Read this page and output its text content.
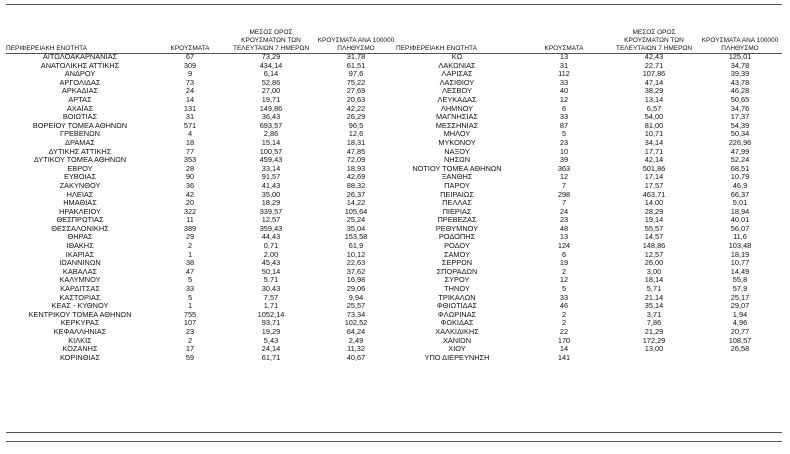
ΠΕΡΙΦΕΡΕΙΑΚΗ ΕΝΟΤΗΤΑ	ΚΡΟΥΣΜΑΤΑ	ΜΕΣΟΣ ΟΡΟΣ
ΚΡΟΥΣΜΑΤΩΝ ΤΩΝ
ΤΕΛΕΥΤΑΙΩΝ 7 ΗΜΕΡΩΝ	ΚΡΟΥΣΜΑΤΑ ΑΝΑ 100000
ΠΛΗΘΥΣΜΟ

ΑΙΤΩΛΟΑΚΑΡΝΑΝΙΑΣ	67	73,29	31,78
ΑΝΑΤΟΛΙΚΗΣ ΑΤΤΙΚΗΣ	309	434,14	61,51
ΑΝΔΡΟΥ	9	6,14	97,6
ΑΡΓΟΛΙΔΑΣ	73	52,86	75,22
ΑΡΚΑΔΙΑΣ	24	27,00	27,69
ΑΡΤΑΣ	14	19,71	20,63
ΑΧΑΪΑΣ	131	149,86	42,22
ΒΟΙΩΤΙΑΣ	31	36,43	26,29
ΒΟΡΕΙΟΥ ΤΟΜΕΑ ΑΘΗΝΩΝ	571	693,57	96,5
ΓΡΕΒΕΝΩΝ	4	2,86	12,6
ΔΡΑΜΑΣ	18	15,14	18,31
ΔΥΤΙΚΗΣ ΑΤΤΙΚΗΣ	77	100,57	47,85
ΔΥΤΙΚΟΥ ΤΟΜΕΑ ΑΘΗΝΩΝ	353	459,43	72,09
ΕΒΡΟΥ	28	33,14	18,93
ΕΥΒΟΙΑΣ	90	91,57	42,69
ΖΑΚΥΝΘΟΥ	36	41,43	88,32
ΗΛΕΙΑΣ	42	35,00	26,37
ΗΜΑΘΙΑΣ	20	18,29	14,22
ΗΡΑΚΛΕΙΟΥ	322	339,57	105,64
ΘΕΣΠΡΩΤΙΑΣ	11	12,57	25,24
ΘΕΣΣΑΛΟΝΙΚΗΣ	389	359,43	35,04
ΘΗΡΑΣ	29	44,43	153,58
ΙΘΑΚΗΣ	2	0,71	61,9
ΙΚΑΡΙΑΣ	1	2,00	10,12
ΙΩΑΝΝΙΝΩΝ	38	45,43	22,63
ΚΑΒΑΛΑΣ	47	50,14	37,62
ΚΑΛΥΜΝΟΥ	5	5,71	16,98
ΚΑΡΔΙΤΣΑΣ	33	30,43	29,06
ΚΑΣΤΟΡΙΑΣ	5	7,57	9,94
ΚΕΑΣ - ΚΥΘΝΟΥ	1	1,71	25,57
ΚΕΝΤΡΙΚΟΥ ΤΟΜΕΑ ΑΘΗΝΩΝ	755	1052,14	73,34
ΚΕΡΚΥΡΑΣ	107	93,71	102,52
ΚΕΦΑΛΛΗΝΙΑΣ	23	19,29	64,24
ΚΙΛΚΙΣ	2	5,43	2,49
ΚΟΖΑΝΗΣ	17	24,14	11,32
ΚΟΡΙΝΘΙΑΣ	59	61,71	40,67
ΠΕΡΙΦΕΡΕΙΑΚΗ ΕΝΟΤΗΤΑ	ΚΡΟΥΣΜΑΤΑ	ΜΕΣΟΣ ΟΡΟΣ
ΚΡΟΥΣΜΑΤΩΝ ΤΩΝ
ΤΕΛΕΥΤΑΙΩΝ 7 ΗΜΕΡΩΝ	ΚΡΟΥΣΜΑΤΑ ΑΝΑ 100000
ΠΛΗΘΥΣΜΟ

ΚΩ	13	42,43	125,01
ΛΑΚΩΝΙΑΣ	31	22,71	34,78
ΛΑΡΙΣΑΣ	112	107,86	39,39
ΛΑΣΙΘΙΟΥ	33	47,14	43,78
ΛΕΣΒΟΥ	40	38,29	46,28
ΛΕΥΚΑΔΑΣ	12	13,14	50,65
ΛΗΜΝΟΥ	6	6,57	34,76
ΜΑΓΝΗΣΙΑΣ	33	54,00	17,37
ΜΕΣΣΗΝΙΑΣ	87	81,00	54,39
ΜΗΛΟΥ	5	10,71	50,34
ΜΥΚΟΝΟΥ	23	34,14	226,96
ΝΑΞΟΥ	10	17,71	47,99
ΝΗΣΩΝ	39	42,14	52,24
ΝΟΤΙΟΥ ΤΟΜΕΑ ΑΘΗΝΩΝ	363	501,86	68,51
ΞΑΝΘΗΣ	12	17,14	10,79
ΠΑΡΟΥ	7	17,57	46,9
ΠΕΙΡΑΙΩΣ	298	463,71	66,37
ΠΕΛΛΑΣ	7	14,00	5,01
ΠΙΕΡΙΑΣ	24	28,29	18,94
ΠΡΕΒΕΖΑΣ	23	19,14	40,01
ΡΕΘΥΜΝΟΥ	48	55,57	56,07
ΡΟΔΟΠΗΣ	13	14,57	11,6
ΡΟΔΟΥ	124	148,86	103,48
ΣΑΜΟΥ	6	12,57	18,19
ΣΕΡΡΩΝ	19	26,00	10,77
ΣΠΟΡΑΔΩΝ	2	3,00	14,49
ΣΥΡΟΥ	12	18,14	55,8
ΤΗΝΟΥ	5	5,71	57,9
ΤΡΙΚΑΛΩΝ	33	21,14	25,17
ΦΘΙΩΤΙΔΑΣ	46	35,14	29,07
ΦΛΩΡΙΝΑΣ	2	3,71	1,94
ΦΩΚΙΔΑΣ	2	7,86	4,96
ΧΑΛΚΙΔΙΚΗΣ	22	21,29	20,77
ΧΑΝΙΩΝ	170	172,29	108,57
ΧΙΟΥ	14	13,00	26,58
ΥΠΟ ΔΙΕΡΕΥΝΗΣΗ	141		
